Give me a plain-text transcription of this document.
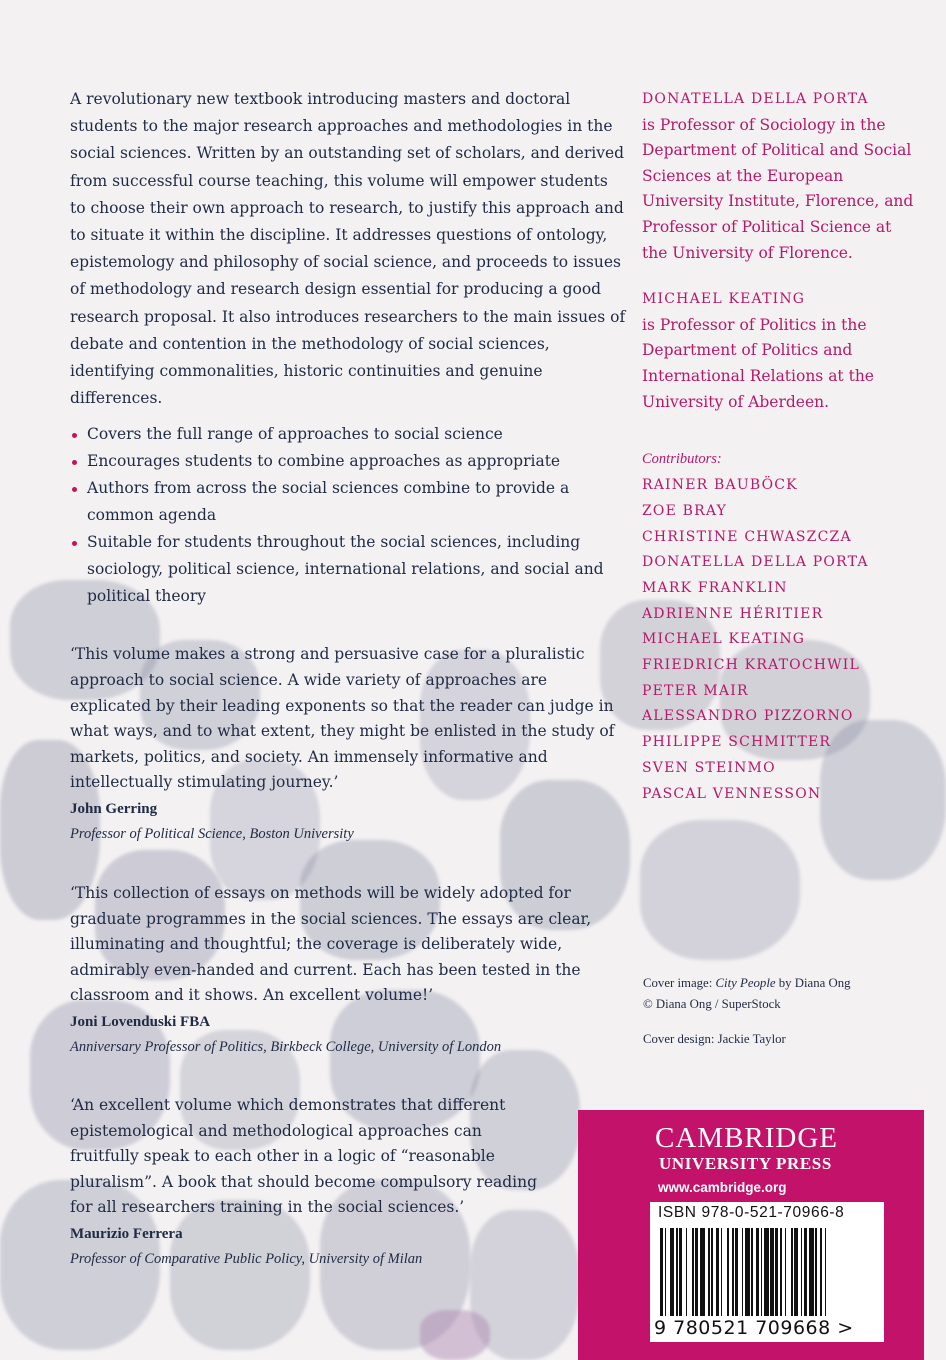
A revolutionary new textbook introducing masters and doctoral students to the major research approaches and methodologies in the social sciences. Written by an outstanding set of scholars, and derived from successful course teaching, this volume will empower students to choose their own approach to research, to justify this approach and to situate it within the discipline. It addresses questions of ontology, epistemology and philosophy of social science, and proceeds to issues of methodology and research design essential for producing a good research proposal. It also introduces researchers to the main issues of debate and contention in the methodology of social sciences, identifying commonalities, historic continuities and genuine differences.

Covers the full range of approaches to social science
Encourages students to combine approaches as appropriate
Authors from across the social sciences combine to provide a common agenda
Suitable for students throughout the social sciences, including sociology, political science, international relations, and social and political theory

‘This volume makes a strong and persuasive case for a pluralistic approach to social science. A wide variety of approaches are explicated by their leading exponents so that the reader can judge in what ways, and to what extent, they might be enlisted in the study of markets, politics, and society. An immensely informative and intellectually stimulating journey.’

John Gerring
Professor of Political Science, Boston University

‘This collection of essays on methods will be widely adopted for graduate programmes in the social sciences. The essays are clear, illuminating and thoughtful; the coverage is deliberately wide, admirably even-handed and current. Each has been tested in the classroom and it shows. An excellent volume!’

Joni Lovenduski FBA
Anniversary Professor of Politics, Birkbeck College, University of London

‘An excellent volume which demonstrates that different epistemological and methodological approaches can fruitfully speak to each other in a logic of “reasonable pluralism”. A book that should become compulsory reading for all researchers training in the social sciences.’

Maurizio Ferrera
Professor of Comparative Public Policy, University of Milan

DONATELLA DELLA PORTA
is Professor of Sociology in the Department of Political and Social Sciences at the European University Institute, Florence, and Professor of Political Science at the University of Florence.

MICHAEL KEATING
is Professor of Politics in the Department of Politics and International Relations at the University of Aberdeen.

Contributors:
RAINER BAUBÖCK
ZOE BRAY
CHRISTINE CHWASZCZA
DONATELLA DELLA PORTA
MARK FRANKLIN
ADRIENNE HÉRITIER
MICHAEL KEATING
FRIEDRICH KRATOCHWIL
PETER MAIR
ALESSANDRO PIZZORNO
PHILIPPE SCHMITTER
SVEN STEINMO
PASCAL VENNESSON
Cover image: City People by Diana Ong
© Diana Ong / SuperStock
Cover design: Jackie Taylor
CAMBRIDGE
UNIVERSITY PRESS
www.cambridge.org
ISBN 978-0-521-70966-8
9 780521 709668 >
